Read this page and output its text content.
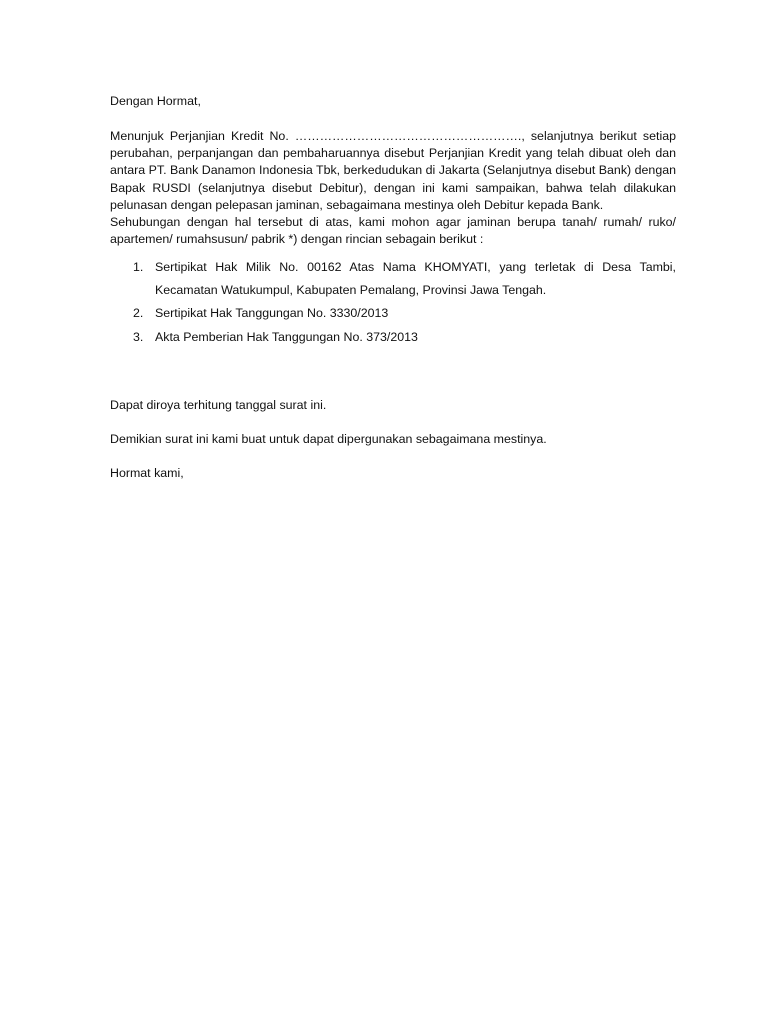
Dengan Hormat,

Menunjuk Perjanjian Kredit No. ………………………………………………., selanjutnya berikut setiap perubahan, perpanjangan dan pembaharuannya disebut Perjanjian Kredit yang telah dibuat oleh dan antara PT. Bank Danamon Indonesia Tbk, berkedudukan di Jakarta (Selanjutnya disebut Bank) dengan Bapak RUSDI (selanjutnya disebut Debitur), dengan ini kami sampaikan, bahwa telah dilakukan pelunasan dengan pelepasan jaminan, sebagaimana mestinya oleh Debitur kepada Bank.

Sehubungan dengan hal tersebut di atas, kami mohon agar jaminan berupa tanah/ rumah/ ruko/ apartemen/ rumahsusun/ pabrik *) dengan rincian sebagain berikut :

1. Sertipikat Hak Milik No. 00162 Atas Nama KHOMYATI, yang terletak di Desa Tambi, Kecamatan Watukumpul, Kabupaten Pemalang, Provinsi Jawa Tengah.
2. Sertipikat Hak Tanggungan No. 3330/2013
3. Akta Pemberian Hak Tanggungan No. 373/2013

Dapat diroya terhitung tanggal surat ini.

Demikian surat ini kami buat untuk dapat dipergunakan sebagaimana mestinya.

Hormat kami,
